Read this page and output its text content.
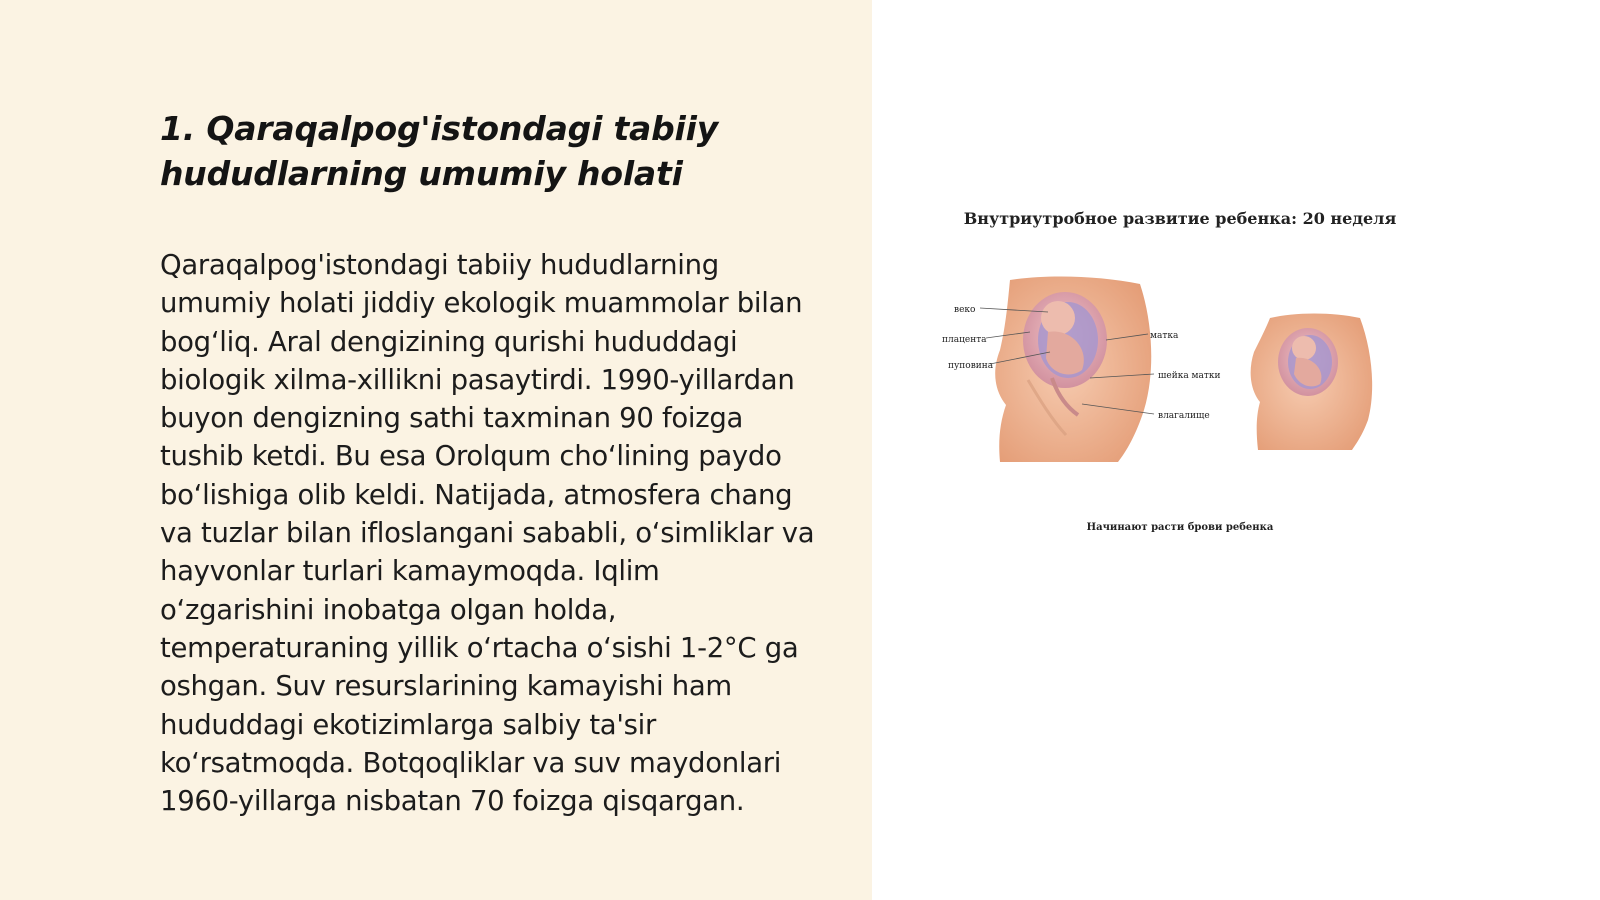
1. Qaraqalpog'istondagi tabiiy hududlarning umumiy holati

Qaraqalpog'istondagi tabiiy hududlarning umumiy holati jiddiy ekologik muammolar bilan bog‘liq. Aral dengizining qurishi hududdagi biologik xilma-xillikni pasaytirdi. 1990-yillardan buyon dengizning sathi taxminan 90 foizga tushib ketdi. Bu esa Orolqum cho‘lining paydo bo‘lishiga olib keldi. Natijada, atmosfera chang va tuzlar bilan ifloslangani sababli, o‘simliklar va hayvonlar turlari kamaymoqda. Iqlim o‘zgarishini inobatga olgan holda, temperaturaning yillik o‘rtacha o‘sishi 1-2°C ga oshgan. Suv resurslarining kamayishi ham hududdagi ekotizimlarga salbiy ta'sir ko‘rsatmoqda. Botqoqliklar va suv maydonlari 1960-yillarga nisbatan 70 foizga qisqargan.

Внутриутробное развитие ребенка: 20 неделя
веко
плацента
пуповина
матка
шейка матки
влагалище
Начинают расти брови ребенка
